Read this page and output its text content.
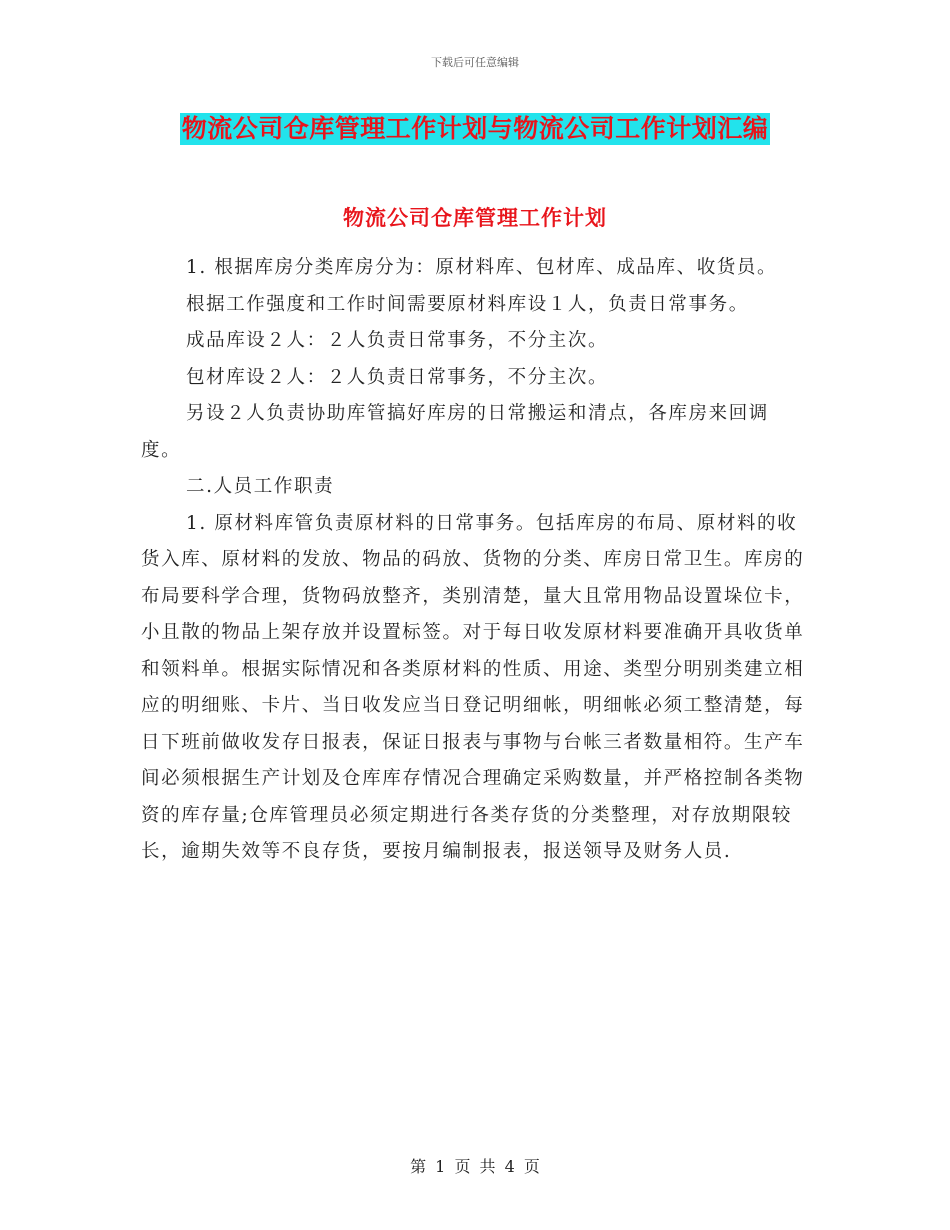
下载后可任意编辑
物流公司仓库管理工作计划与物流公司工作计划汇编
物流公司仓库管理工作计划

1. 根据库房分类库房分为：原材料库、包材库、成品库、收货员。

根据工作强度和工作时间需要原材料库设１人，负责日常事务。

成品库设２人：２人负责日常事务，不分主次。

包材库设２人：２人负责日常事务，不分主次。

另设２人负责协助库管搞好库房的日常搬运和清点，各库房来回调度。

二.人员工作职责

1. 原材料库管负责原材料的日常事务。包括库房的布局、原材料的收货入库、原材料的发放、物品的码放、货物的分类、库房日常卫生。库房的布局要科学合理，货物码放整齐，类别清楚，量大且常用物品设置垛位卡，小且散的物品上架存放并设置标签。对于每日收发原材料要准确开具收货单和领料单。根据实际情况和各类原材料的性质、用途、类型分明别类建立相应的明细账、卡片、当日收发应当日登记明细帐，明细帐必须工整清楚，每日下班前做收发存日报表，保证日报表与事物与台帐三者数量相符。生产车间必须根据生产计划及仓库库存情况合理确定采购数量，并严格控制各类物资的库存量;仓库管理员必须定期进行各类存货的分类整理，对存放期限较长，逾期失效等不良存货，要按月编制报表，报送领导及财务人员.

第 1 页 共 4 页
